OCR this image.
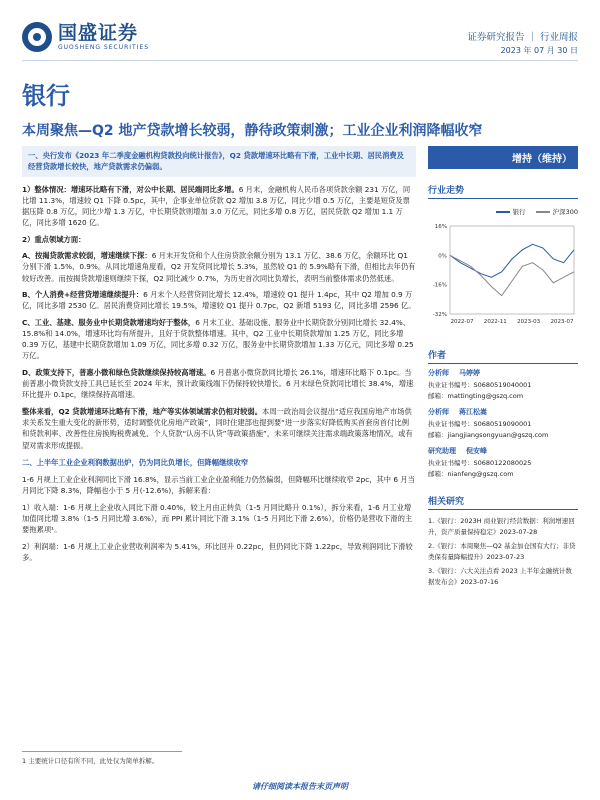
国盛证券
GUOSHENG SECURITIES
证券研究报告 ｜ 行业周报
2023 年 07 月 30 日
银行
本周聚焦—Q2 地产贷款增长较弱，静待政策刺激；工业企业利润降幅收窄
一、央行发布《2023 年二季度金融机构贷款投向统计报告》，Q2 贷款增速环比略有下滑，工业中长期、居民消费及经营贷款增长较快，地产贷款需求仍偏弱。

1）整体情况：增速环比略有下滑，对公中长期、居民端同比多增。6 月末，金融机构人民币各项贷款余额 231 万亿，同比增 11.3%，增速较 Q1 下降 0.5pc，其中，企事业单位贷款 Q2 增加 3.8 万亿，同比少增 0.5 万亿，主要是短贷及票据压降 0.8 万亿，同比少增 1.3 万亿，中长期贷款则增加 3.0 万亿元，同比多增 0.8 万亿，居民贷款 Q2 增加 1.1 万亿，同比多增 1620 亿。

2）重点领域方面：

A、按揭贷款需求较弱，增速继续下探：6 月末开发贷和个人住房贷款余额分别为 13.1 万亿、38.6 万亿，余额环比 Q1 分别下滑 1.5%、0.9%。从同比增速角度看，Q2 开发贷同比增长 5.3%，虽然较 Q1 的 5.9%略有下滑，但相比去年仍有较好改善。而按揭贷款增速则继续下探，Q2 同比减少 0.7%，为历史首次同比负增长，表明当前整体需求仍然低迷。

B、个人消费+经营贷增速继续提升：6 月末个人经营贷同比增长 12.4%，增速较 Q1 提升 1.4pc，其中 Q2 增加 0.9 万亿，同比多增 2530 亿。居民消费贷同比增长 19.5%，增速较 Q1 提升 0.7pc，Q2 新增 5193 亿，同比多增 2596 亿。

C、工业、基建、服务业中长期贷款增速均好于整体，6 月末工业、基础设施、服务业中长期贷款分别同比增长 32.4%、15.8%和 14.0%，增速环比均有所提升，且好于贷款整体增速。其中，Q2 工业中长期贷款增加 1.25 万亿，同比多增 0.39 万亿，基建中长期贷款增加 1.09 万亿，同比多增 0.32 万亿，服务业中长期贷款增加 1.33 万亿元，同比多增 0.25 万亿。

D、政策支持下，普惠小微和绿色贷款继续保持较高增速。6 月普惠小微贷款同比增长 26.1%，增速环比略下 0.1pc。当前普惠小微贷款支持工具已延长至 2024 年末，预计政策线端下仍保持较快增长。6 月末绿色贷款同比增长 38.4%，增速环比提升 0.1pc，继续保持高增速。

整体来看，Q2 贷款增速环比略有下滑，地产等实体领域需求仍相对较弱。本周一政治局会议提出“适应我国房地产市场供求关系发生重大变化的新形势，适时调整优化房地产政策”，同时住建部也提到要“进一步落实好降低购买首套房首付比例和贷款利率、改善性住房换购税费减免、个人贷款“认房不认贷”等政策措施”，未来可继续关注需求端政策落地情况，或有望对需求形成提振。

二、上半年工业企业利润数据出炉，仍为同比负增长，但降幅继续收窄

1-6 月规上工业企业利润同比下滑 16.8%，显示当前工业企业盈利能力仍然偏弱，但降幅环比继续收窄 2pc，其中 6 月当月同比下降 8.3%，降幅也小于 5 月(-12.6%)，拆解来看：

1）收入端：1-6 月规上企业收入同比下滑 0.40%，较上月由正转负（1-5 月同比略升 0.1%），拆分来看，1-6 月工业增加值同比增 3.8%（1-5 月同比增 3.6%），而 PPI 累计同比下滑 3.1%（1-5 月同比下滑 2.6%），价格仍是营收下滑的主要拖累项¹。

2）利润端：1-6 月规上工业企业营收利润率为 5.41%，环比回升 0.22pc，但仍同比下降 1.22pc，导致利润同比下滑较多。

增持（维持）
行业走势
银行	沪深300
16%
0%
-16%
-32%
2022-07 2022-11 2023-03 2023-07
作者
分析师 马婷婷
执业证书编号：S0680519040001
邮箱：mattingting@gszq.com
分析师 蒋江松嵩
执业证书编号：S0680519090001
邮箱：jiangjiangsongyuan@gszq.com
研究助理 倪安峰
执业证书编号：S0680122080025
邮箱：nianfeng@gszq.com
相关研究

1.《银行：2023H 商业银行经营数据：利润增速回升，资产质量保持稳定》2023-07-28

2.《银行：本周聚焦—Q2 基金加仓国有大行；非贷类保有量降幅提升》2023-07-23

3.《银行：六大关注点看 2023 上半年金融统计数据发布会》2023-07-16

1 主要统计口径有所不同，此处仅为简单拆解。
请仔细阅读本报告末页声明
